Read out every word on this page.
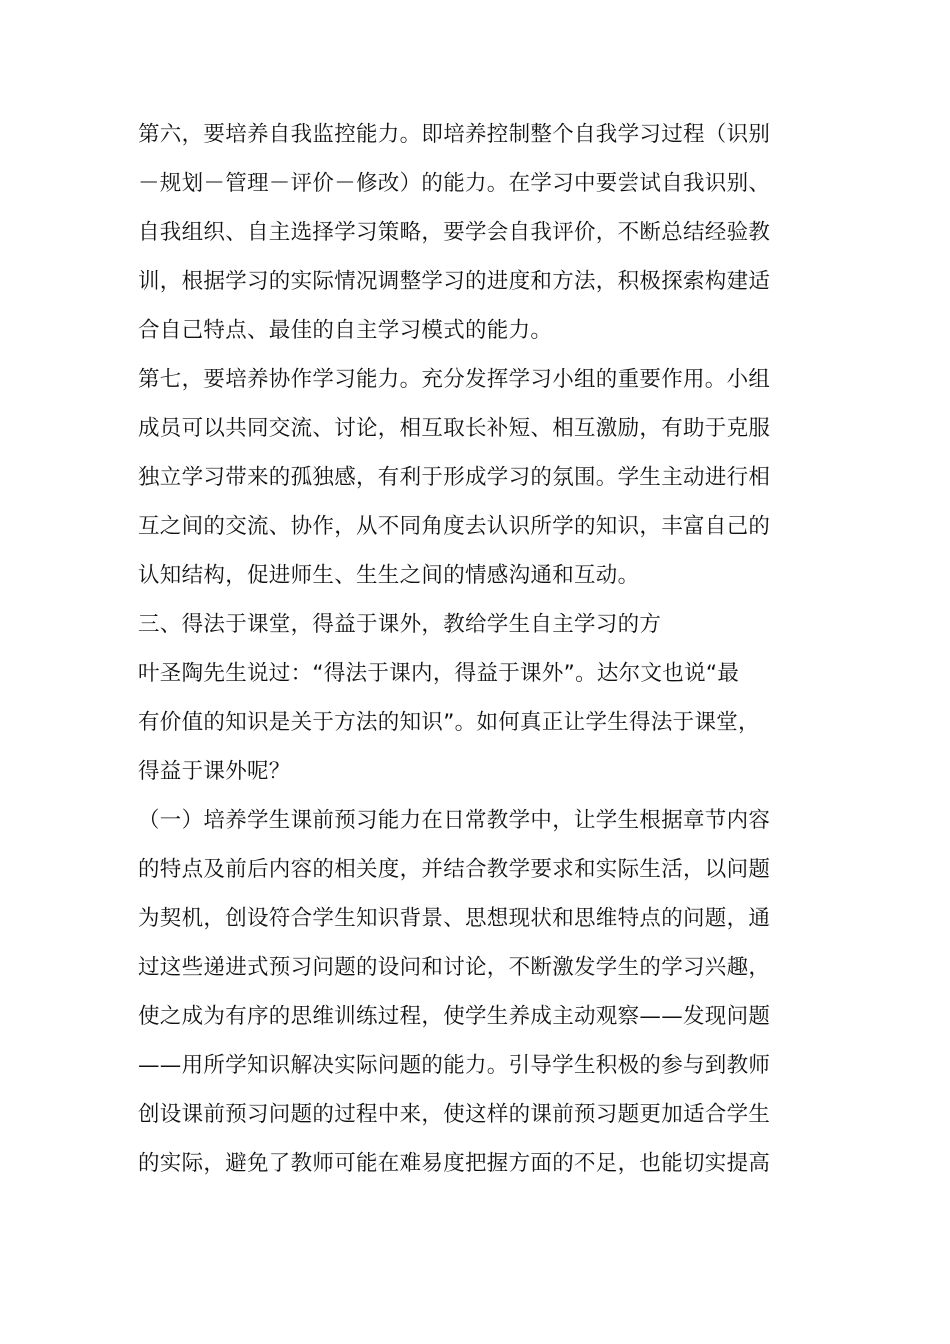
第六，要培养自我监控能力。即培养控制整个自我学习过程（识别
－规划－管理－评价－修改）的能力。在学习中要尝试自我识别、
自我组织、自主选择学习策略，要学会自我评价，不断总结经验教
训，根据学习的实际情况调整学习的进度和方法，积极探索构建适
合自己特点、最佳的自主学习模式的能力。
第七，要培养协作学习能力。充分发挥学习小组的重要作用。小组
成员可以共同交流、讨论，相互取长补短、相互激励，有助于克服
独立学习带来的孤独感，有利于形成学习的氛围。学生主动进行相
互之间的交流、协作，从不同角度去认识所学的知识，丰富自己的
认知结构，促进师生、生生之间的情感沟通和互动。
三、得法于课堂，得益于课外，教给学生自主学习的方
叶圣陶先生说过：“得法于课内，得益于课外”。达尔文也说“最
有价值的知识是关于方法的知识”。如何真正让学生得法于课堂，
得益于课外呢？
（一）培养学生课前预习能力在日常教学中，让学生根据章节内容
的特点及前后内容的相关度，并结合教学要求和实际生活，以问题
为契机，创设符合学生知识背景、思想现状和思维特点的问题，通
过这些递进式预习问题的设问和讨论，不断激发学生的学习兴趣，
使之成为有序的思维训练过程，使学生养成主动观察——发现问题
——用所学知识解决实际问题的能力。引导学生积极的参与到教师
创设课前预习问题的过程中来，使这样的课前预习题更加适合学生
的实际，避免了教师可能在难易度把握方面的不足，也能切实提高
